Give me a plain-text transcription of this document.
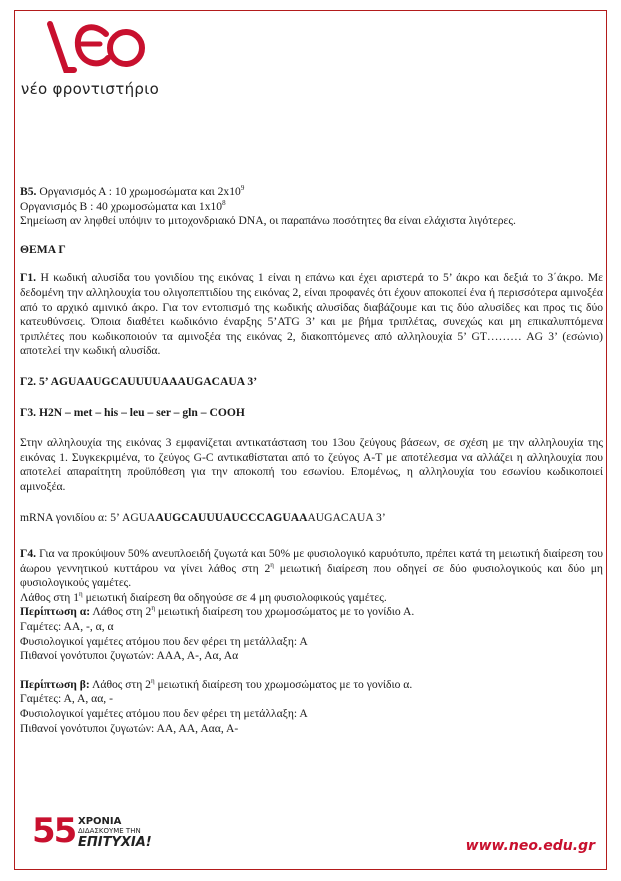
νέο φροντιστήριο

Β5. Οργανισμός Α : 10 χρωμοσώματα και $2x10^9$

Οργανισμός Β : 40 χρωμοσώματα και $1x10^8$

Σημείωση αν ληφθεί υπόψιν το μιτοχονδριακό DNA, οι παραπάνω ποσότητες θα είναι ελάχιστα λιγότερες.

ΘΕΜΑ Γ

Γ1. Η κωδική αλυσίδα του γονιδίου της εικόνας 1 είναι η επάνω και έχει αριστερά το 5’ άκρο και δεξιά το 3΄άκρο. Με δεδομένη την αλληλουχία του ολιγοπεπτιδίου της εικόνας 2, είναι προφανές ότι έχουν αποκοπεί ένα ή περισσότερα αμινοξέα από το αρχικό αμινικό άκρο. Για τον εντοπισμό της κωδικής αλυσίδας διαβάζουμε και τις δύο αλυσίδες και προς τις δύο κατευθύνσεις. Όποια διαθέτει κωδικόνιο έναρξης 5’ATG 3’ και με βήμα τριπλέτας, συνεχώς και μη επικαλυπτόμενα τριπλέτες που κωδικοποιούν τα αμινοξέα της εικόνας 2, διακοπτόμενες από αλληλουχία 5’ GT……… AG 3’ (εσώνιο) αποτελεί την κωδική αλυσίδα.

Γ2. 5’ AGUAAUGCAUUUUAAAUGACAUA 3’

Γ3. H2N – met – his – leu – ser – gln – COOH

Στην αλληλουχία της εικόνας 3 εμφανίζεται αντικατάσταση του 13ου ζεύγους βάσεων, σε σχέση με την αλληλουχία της εικόνας 1. Συγκεκριμένα, το ζεύγος G-C αντικαθίσταται από το ζεύγος A-T με αποτέλεσμα να αλλάζει η αλληλουχία που αποτελεί απαραίτητη προϋπόθεση για την αποκοπή του εσωνίου. Επομένως, η αλληλουχία του εσωνίου κωδικοποιεί αμινοξέα.

mRNA γονιδίου α: 5’ AGUAAUGCAUUUAUCCCAGUAAAUGACAUA 3’

Γ4. Για να προκύψουν 50% ανευπλοειδή ζυγωτά και 50% με φυσιολογικό καρυότυπο, πρέπει κατά τη μειωτική διαίρεση του άωρου γεννητικού κυττάρου να γίνει λάθος στη $2^\eta$ μειωτική διαίρεση που οδηγεί σε δύο φυσιολογικούς και δύο μη φυσιολογικούς γαμέτες.

Λάθος στη $1^\eta$ μειωτική διαίρεση θα οδηγούσε σε 4 μη φυσιολοφικούς γαμέτες.

Περίπτωση α: Λάθος στη $2^\eta$ μειωτική διαίρεση του χρωμοσώματος με το γονίδιο Α.

Γαμέτες: ΑΑ, -, α, α

Φυσιολογικοί γαμέτες ατόμου που δεν φέρει τη μετάλλαξη: Α

Πιθανοί γονότυποι ζυγωτών: ΑΑΑ, Α-, Αα, Αα

Περίπτωση β: Λάθος στη $2^\eta$ μειωτική διαίρεση του χρωμοσώματος με το γονίδιο α.

Γαμέτες: Α, Α, αα, -

Φυσιολογικοί γαμέτες ατόμου που δεν φέρει τη μετάλλαξη: Α

Πιθανοί γονότυποι ζυγωτών: ΑΑ, ΑΑ, Ααα, Α-

55 ΧΡΟΝΙΑ
ΔΙΔΑΣΚΟΥΜΕ ΤΗΝ
ΕΠΙΤΥΧΙΑ!	www.neo.edu.gr
